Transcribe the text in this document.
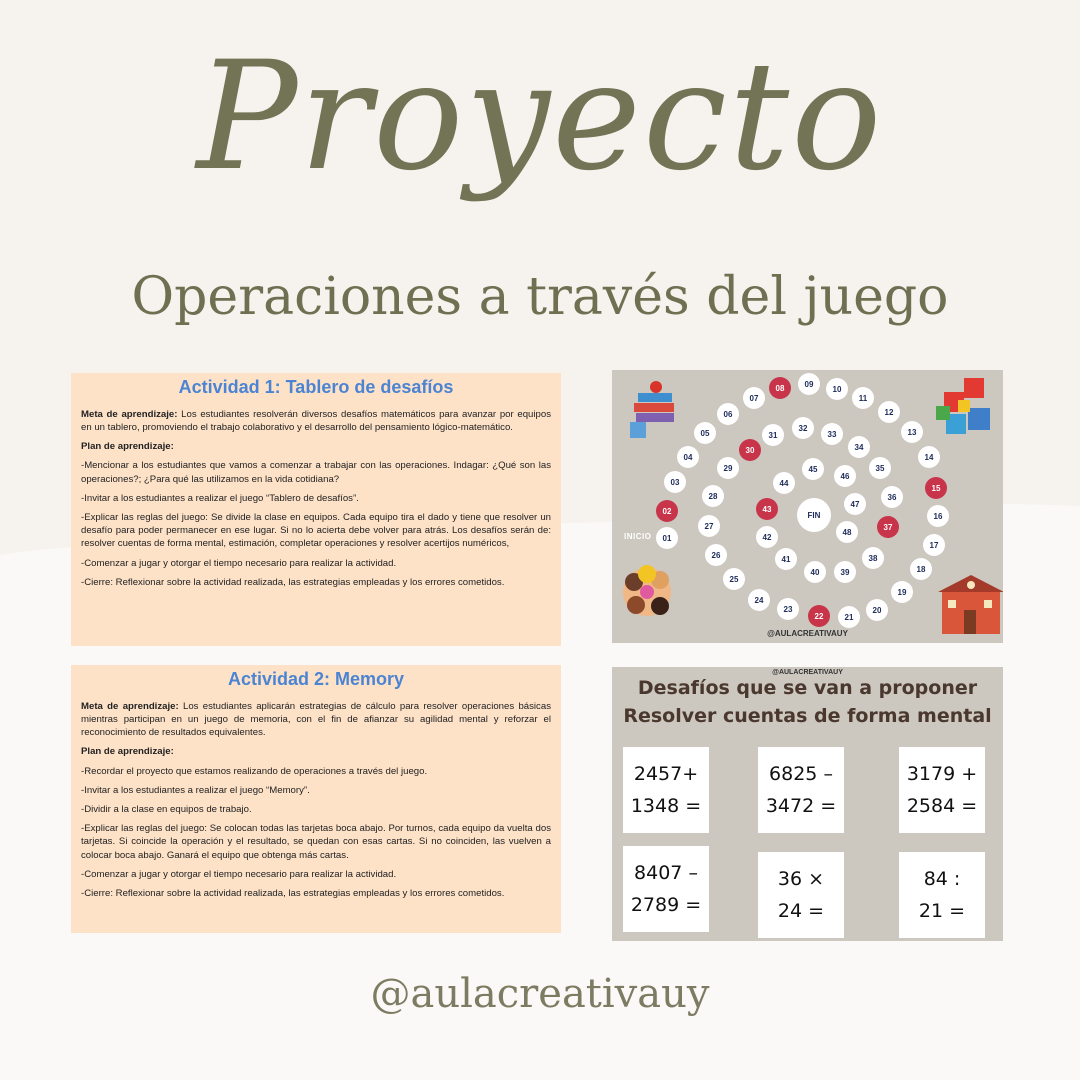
Proyecto
Operaciones a través del juego
Actividad 1: Tablero de desafíos

Meta de aprendizaje: Los estudiantes resolverán diversos desafíos matemáticos para avanzar por equipos en un tablero, promoviendo el trabajo colaborativo y el desarrollo del pensamiento lógico-matemático.

Plan de aprendizaje:

-Mencionar a los estudiantes que vamos a comenzar a trabajar con las operaciones. Indagar: ¿Qué son las operaciones?; ¿Para qué las utilizamos en la vida cotidiana?

-Invitar a los estudiantes a realizar el juego “Tablero de desafíos”.

-Explicar las reglas del juego: Se divide la clase en equipos. Cada equipo tira el dado y tiene que resolver un desafío para poder permanecer en ese lugar. Si no lo acierta debe volver para atrás. Los desafíos serán de: resolver cuentas de forma mental, estimación, completar operaciones y resolver acertijos numéricos,

-Comenzar a jugar y otorgar el tiempo necesario para realizar la actividad.

-Cierre: Reflexionar sobre la actividad realizada, las estrategias empleadas y los errores cometidos.

Actividad 2: Memory

Meta de aprendizaje: Los estudiantes aplicarán estrategias de cálculo para resolver operaciones básicas mientras participan en un juego de memoria, con el fin de afianzar su agilidad mental y reforzar el reconocimiento de resultados equivalentes.

Plan de aprendizaje:

-Recordar el proyecto que estamos realizando de operaciones a través del juego.

-Invitar a los estudiantes a realizar el juego “Memory”.

-Dividir a la clase en equipos de trabajo.

-Explicar las reglas del juego: Se colocan todas las tarjetas boca abajo. Por turnos, cada equipo da vuelta dos tarjetas. Si coincide la operación y el resultado, se quedan con esas cartas. Si no coinciden, las vuelven a colocar boca abajo. Ganará el equipo que obtenga más cartas.

-Comenzar a jugar y otorgar el tiempo necesario para realizar la actividad.

-Cierre: Reflexionar sobre la actividad realizada, las estrategias empleadas y los errores cometidos.

01
02
03
04
05
06
07
08	09
10
11
12
13
14
15
16
17
18
19
20
21
22
23
24
25
26
27
28
29
30
31
32
33
34
35
36
37
38
39
40
41
42
43
44
45
46
47
48
FIN
INICIO
@AULACREATIVAUY
@AULACREATIVAUY
Desafíos que se van a proponer
Resolver cuentas de forma mental
2457+
1348 =
6825 –
3472 =
3179 +
2584 =
8407 –
2789 =
36 ×
24 =
84 :
21 =
@aulacreativauy
